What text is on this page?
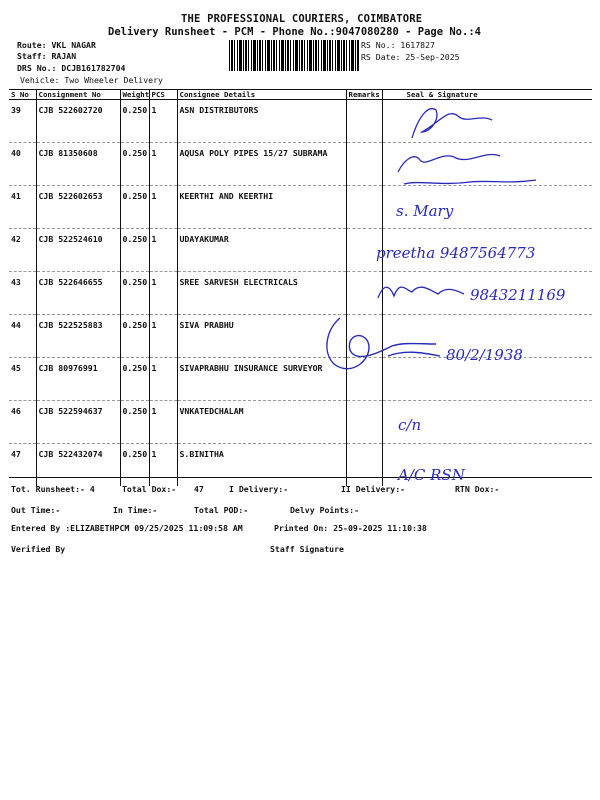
THE PROFESSIONAL COURIERS, COIMBATORE
Delivery Runsheet - PCM - Phone No.:9047080280 - Page No.:4
Route: VKL NAGAR
Staff: RAJAN
DRS No.: DCJB161782704
Vehicle: Two Wheeler Delivery
RS No.: 1617827
RS Date: 25-Sep-2025
S No	Consignment No	Weight	PCS	Consignee Details	Remarks	Seal & Signature
39	CJB 522602720	0.250	1	ASN DISTRIBUTORS		
40	CJB 81350608	0.250	1	AQUSA POLY PIPES 15/27 SUBRAMA		
41	CJB 522602653	0.250	1	KEERTHI AND KEERTHI		
42	CJB 522524610	0.250	1	UDAYAKUMAR		
43	CJB 522646655	0.250	1	SREE SARVESH ELECTRICALS		
44	CJB 522525883	0.250	1	SIVA PRABHU		
45	CJB 80976991	0.250	1	SIVAPRABHU INSURANCE SURVEYOR		
46	CJB 522594637	0.250	1	VNKATEDCHALAM		
47	CJB 522432074	0.250	1	S.BINITHA		
s. Mary
preetha 9487564773
9843211169
80/2/1938
c/n
A/C RSN
Tot. Runsheet:- 4	Total Dox:- 47	I Delivery:-	II Delivery:-	RTN Dox:-
Out Time:-	In Time:-	Total POD:-	Delvy Points:-
Entered By :ELIZABETHPCM 09/25/2025 11:09:58 AM	Printed On: 25-09-2025 11:10:38
Verified By	Staff Signature
